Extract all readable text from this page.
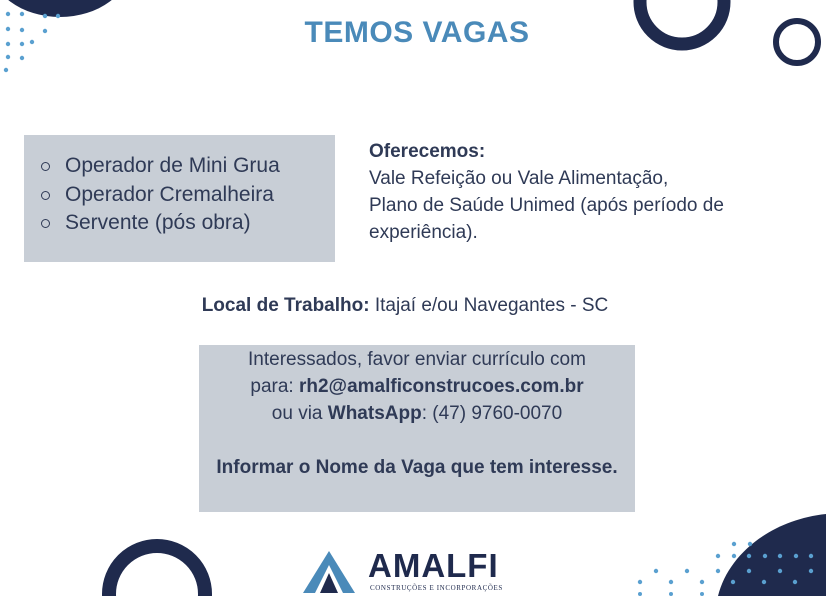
TEMOS VAGAS
Operador de Mini Grua
Operador Cremalheira
Servente (pós obra)
Oferecemos:
Vale Refeição ou Vale Alimentação,
Plano de Saúde Unimed (após período de
experiência).
Local de Trabalho: Itajaí e/ou Navegantes - SC
Interessados, favor enviar currículo com
para: rh2@amalficonstrucoes.com.br
ou via WhatsApp: (47) 9760-0070
Informar o Nome da Vaga que tem interesse.
AMALFI
CONSTRUÇÕES E INCORPORAÇÕES
